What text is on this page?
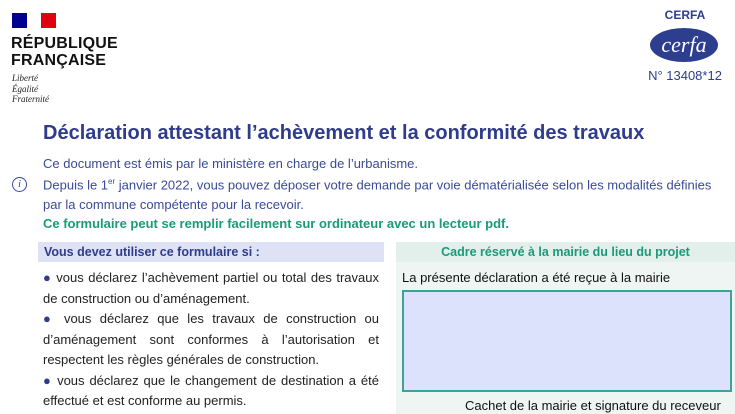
RÉPUBLIQUE
FRANÇAISE
Liberté
Égalité
Fraternité
CERFA
cerfa
N° 13408*12
Déclaration attestant l’achèvement et la conformité des travaux
Ce document est émis par le ministère en charge de l’urbanisme.
i	Depuis le 1er janvier 2022, vous pouvez déposer votre demande par voie dématérialisée selon les modalités définies
par la commune compétente pour la recevoir.
Ce formulaire peut se remplir facilement sur ordinateur avec un lecteur pdf.
Vous devez utiliser ce formulaire si :

● vous déclarez l’achèvement partiel ou total des travaux de construction ou d’aménagement.

● vous déclarez que les travaux de construction ou d’aménagement sont conformes à l’autorisation et respectent les règles générales de construction.

● vous déclarez que le changement de destination a été effectué et est conforme au permis.

Cadre réservé à la mairie du lieu du projet
La présente déclaration a été reçue à la mairie
Cachet de la mairie et signature du receveur
